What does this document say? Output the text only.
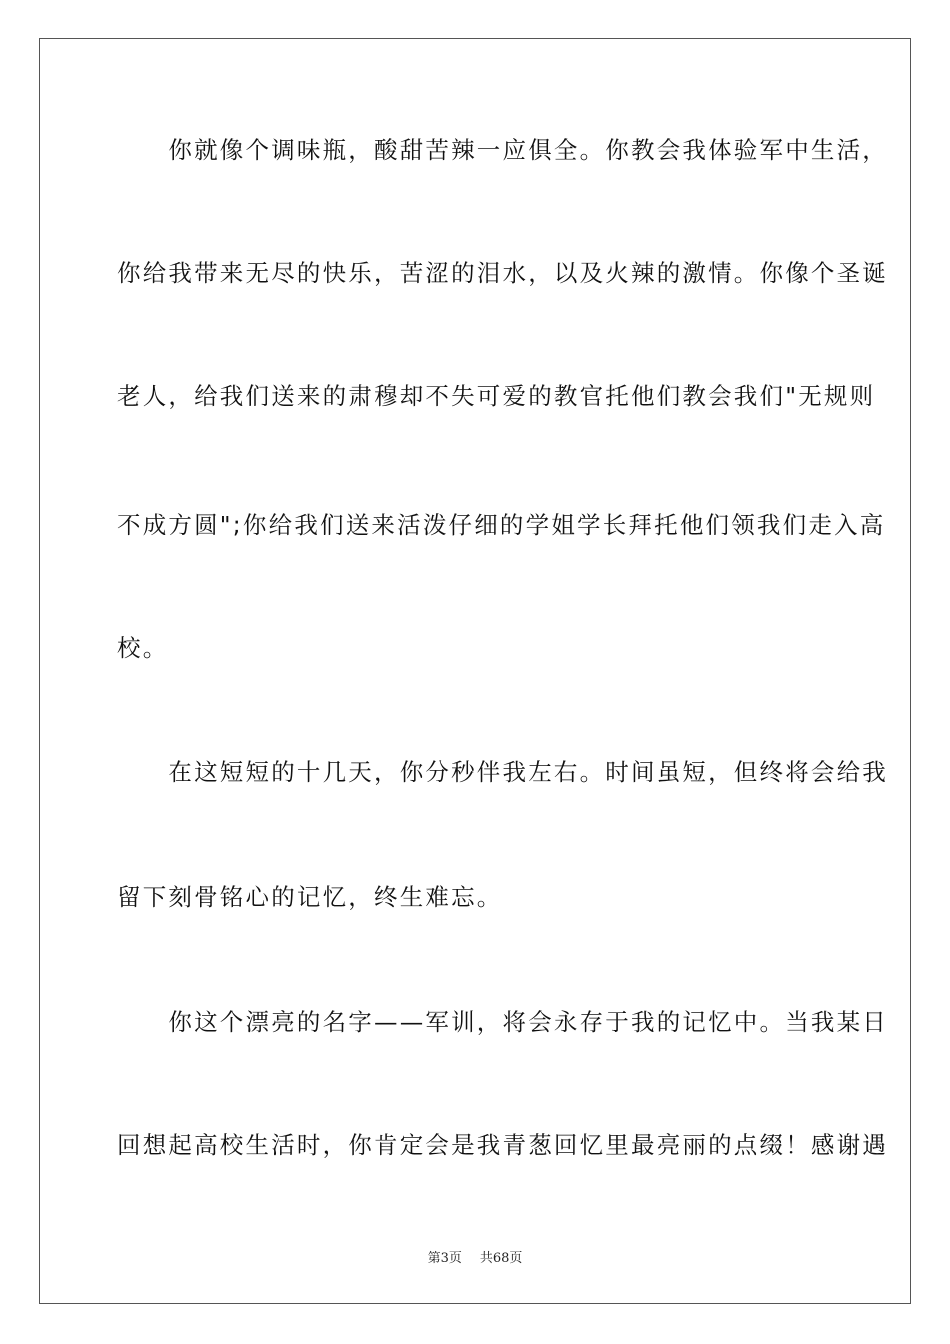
　　你就像个调味瓶，酸甜苦辣一应俱全。你教会我体验军中生活，
你给我带来无尽的快乐，苦涩的泪水，以及火辣的激情。你像个圣诞
老人，给我们送来的肃穆却不失可爱的教官托他们教会我们"无规则
不成方圆";你给我们送来活泼仔细的学姐学长拜托他们领我们走入高
校。
　　在这短短的十几天，你分秒伴我左右。时间虽短，但终将会给我
留下刻骨铭心的记忆，终生难忘。
　　你这个漂亮的名字——军训，将会永存于我的记忆中。当我某日
回想起高校生活时，你肯定会是我青葱回忆里最亮丽的点缀！感谢遇
第3页 共68页
